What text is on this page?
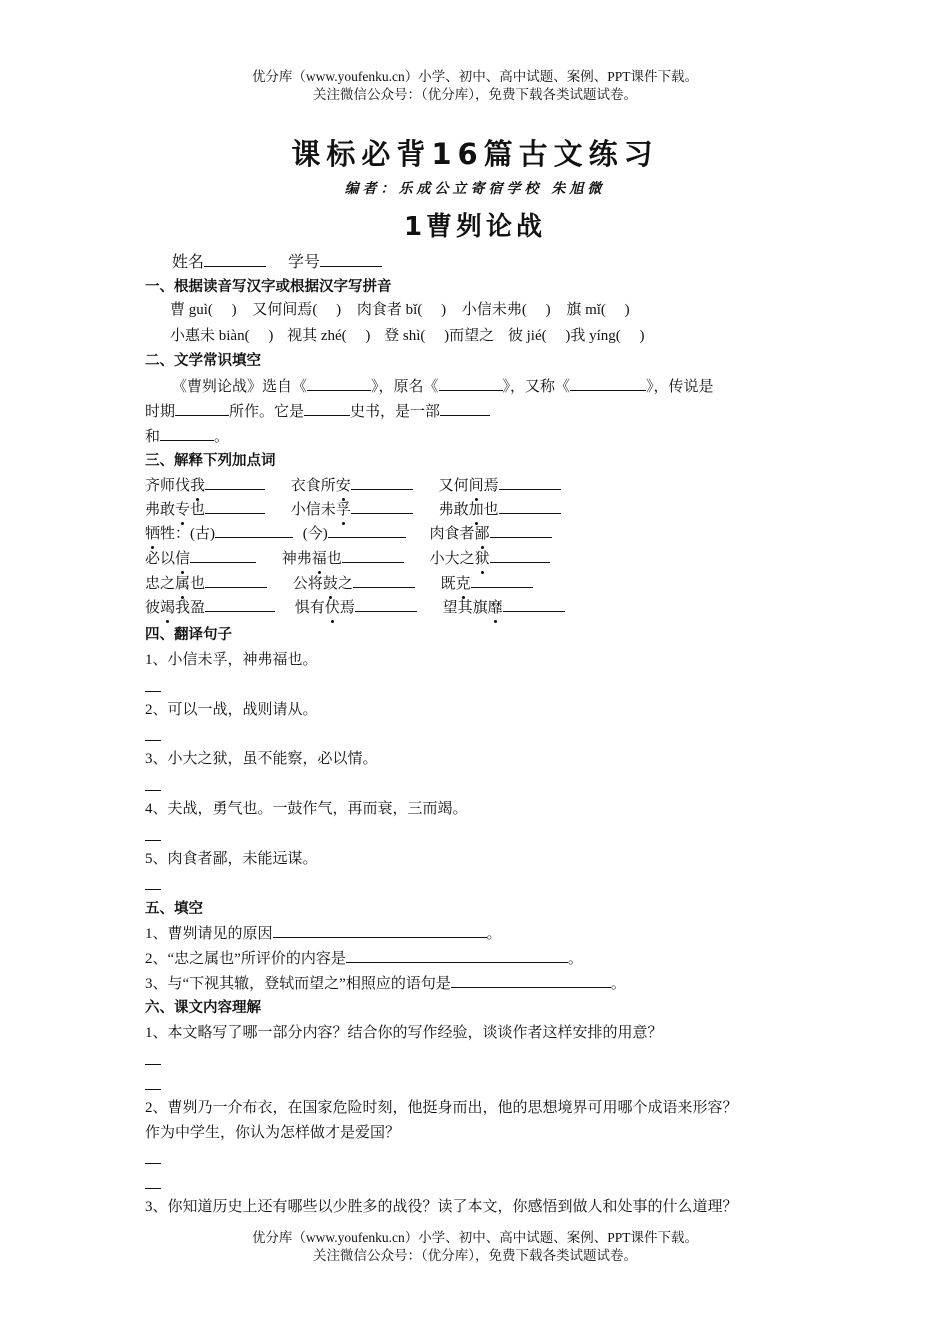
优分库（www.youfenku.cn）小学、初中、高中试题、案例、PPT课件下载。
关注微信公众号：（优分库），免费下载各类试题试卷。
课标必背16篇古文练习
编者：乐成公立寄宿学校 朱旭微
1曹刿论战
姓名	学号
一、根据读音写汉字或根据汉字写拼音
曹 guì(　 ) 又何间焉(　 ) 肉食者 bǐ(　 ) 小信未弗(　 ) 旗 mǐ(　 )
小惠未 biàn(　 ) 视其 zhé(　 ) 登 shì(　 )而望之 彼 jié(　 )我 yíng(　 )
二、文学常识填空
《曹刿论战》选自《	》，原名《	》，又称《	》，传说是
时期	所作。它是	史书，是一部
和	。
三、解释下列加点词
齐师伐我	衣食所安	又何间焉
弗敢专也	小信未孚	弗敢加也
牺牲：(古)	(今)	肉食者鄙
必以信	神弗福也	小大之狱
忠之属也	公将鼓之	既克
彼竭我盈	惧有伏焉	望其旗靡
四、翻译句子
1、小信未孚，神弗福也。
2、可以一战，战则请从。
3、小大之狱，虽不能察，必以情。
4、夫战，勇气也。一鼓作气，再而衰，三而竭。
5、肉食者鄙，未能远谋。
五、填空
1、曹刿请见的原因	。
2、“忠之属也”所评价的内容是	。
3、与“下视其辙，登轼而望之”相照应的语句是	。
六、课文内容理解
1、本文略写了哪一部分内容？结合你的写作经验，谈谈作者这样安排的用意？
2、曹刿乃一介布衣，在国家危险时刻，他挺身而出，他的思想境界可用哪个成语来形容？
作为中学生，你认为怎样做才是爱国？
3、你知道历史上还有哪些以少胜多的战役？读了本文，你感悟到做人和处事的什么道理？
优分库（www.youfenku.cn）小学、初中、高中试题、案例、PPT课件下载。
关注微信公众号：（优分库），免费下载各类试题试卷。
